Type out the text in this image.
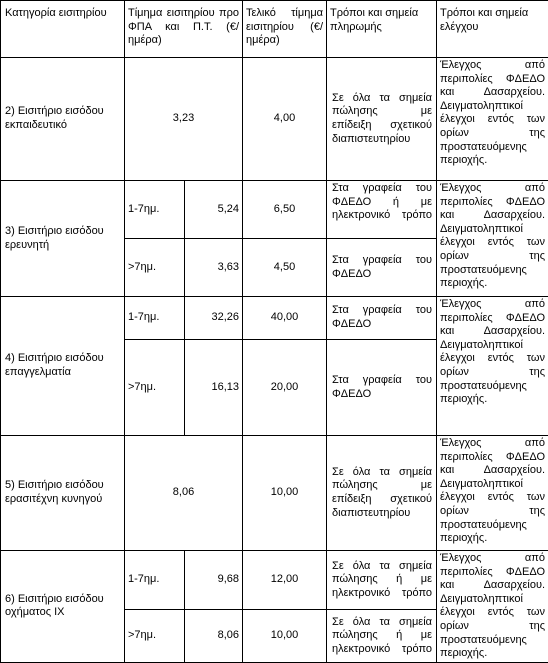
Κατηγορία εισιτηρίου	Τίμημα εισιτηρίου προ ΦΠΑ και Π.Τ. (€/ημέρα)		Τελικό τίμημα εισιτηρίου (€/ημέρα)	Τρόποι και σημεία πληρωμής	Τρόποι και σημεία ελέγχου
2) Εισιτήριο εισόδου εκπαιδευτικό	3,23		4,00	Σε όλα τα σημεία πώλησης με επίδειξη σχετικού διαπιστευτηρίου	Έλεγχος από περιπολίες ΦΔΕΔΟ και Δασαρχείου. Δειγματοληπτικοί έλεγχοι εντός των ορίων της προστατευόμενης περιοχής.
3) Εισιτήριο εισόδου ερευνητή	1-7ημ.	5,24	6,50	Στα γραφεία του ΦΔΕΔΟ ή με ηλεκτρονικό τρόπο	Έλεγχος από περιπολίες ΦΔΕΔΟ και Δασαρχείου. Δειγματοληπτικοί έλεγχοι εντός των ορίων της προστατευόμενης περιοχής.
	>7ημ.	3,63	4,50	Στα γραφεία του ΦΔΕΔΟ	
4) Εισιτήριο εισόδου επαγγελματία	1-7ημ.	32,26	40,00	Στα γραφεία του ΦΔΕΔΟ	Έλεγχος από περιπολίες ΦΔΕΔΟ και Δασαρχείου. Δειγματοληπτικοί έλεγχοι εντός των ορίων της προστατευόμενης περιοχής.
	>7ημ.	16,13	20,00	Στα γραφεία του ΦΔΕΔΟ	
5) Εισιτήριο εισόδου ερασιτέχνη κυνηγού	8,06		10,00	Σε όλα τα σημεία πώλησης με επίδειξη σχετικού διαπιστευτηρίου	Έλεγχος από περιπολίες ΦΔΕΔΟ και Δασαρχείου. Δειγματοληπτικοί έλεγχοι εντός των ορίων της προστατευόμενης περιοχής.
6) Εισιτήριο εισόδου οχήματος ΙΧ	1-7ημ.	9,68	12,00	Σε όλα τα σημεία πώλησης ή με ηλεκτρονικό τρόπο	Έλεγχος από περιπολίες ΦΔΕΔΟ και Δασαρχείου. Δειγματοληπτικοί έλεγχοι εντός των ορίων της προστατευόμενης περιοχής.
	>7ημ.	8,06	10,00	Σε όλα τα σημεία πώλησης ή με ηλεκτρονικό τρόπο	
